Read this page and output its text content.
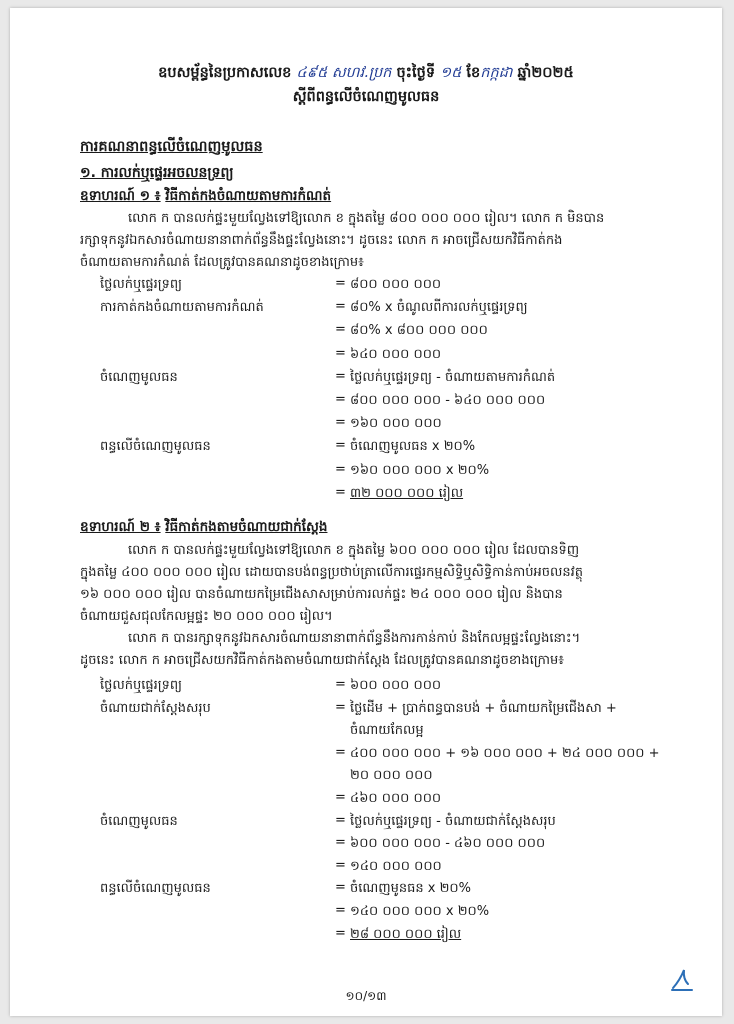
ឧបសម្ព័ន្ធនៃប្រកាសលេខ ៤៩៥ សហវ.ប្រក ចុះថ្ងៃទី ១៥ ខែកក្កដា ឆ្នាំ២០២៥
ស្តីពីពន្ធលើចំណេញមូលធន
ការគណនាពន្ធលើចំណេញមូលធន
១. ការលក់ឬផ្ទេរអចលនទ្រព្យ
ឧទាហរណ៍ ១ ៖ វិធីកាត់កងចំណាយតាមការកំណត់
លោក ក បានលក់ផ្ទះមួយល្វែងទៅឱ្យលោក ខ ក្នុងតម្លៃ ៨០០ ០០០ ០០០ រៀល។ លោក ក មិនបាន
រក្សាទុកនូវឯកសារចំណាយនានាពាក់ព័ន្ធនឹងផ្ទះល្វែងនោះ។ ដូចនេះ លោក ក អាចជ្រើសយកវិធីកាត់កង
ចំណាយតាមការកំណត់ ដែលត្រូវបានគណនាដូចខាងក្រោម៖
ថ្លៃលក់ឬផ្ទេរទ្រព្យ	= ៨០០ ០០០ ០០០
ការកាត់កងចំណាយតាមការកំណត់	= ៨០% x ចំណូលពីការលក់ឬផ្ទេរទ្រព្យ
= ៨០% x ៨០០ ០០០ ០០០
= ៦៤០ ០០០ ០០០
ចំណេញមូលធន	= ថ្លៃលក់ឬផ្ទេរទ្រព្យ - ចំណាយតាមការកំណត់
= ៨០០ ០០០ ០០០ - ៦៤០ ០០០ ០០០
= ១៦០ ០០០ ០០០
ពន្ធលើចំណេញមូលធន	= ចំណេញមូលធន x ២០%
= ១៦០ ០០០ ០០០ x ២០%
= ៣២ ០០០ ០០០ រៀល
ឧទាហរណ៍ ២ ៖ វិធីកាត់កងតាមចំណាយជាក់ស្តែង
លោក ក បានលក់ផ្ទះមួយល្វែងទៅឱ្យលោក ខ ក្នុងតម្លៃ ៦០០ ០០០ ០០០ រៀល ដែលបានទិញ
ក្នុងតម្លៃ ៤០០ ០០០ ០០០ រៀល ដោយបានបង់ពន្ធប្រថាប់ត្រាលើការផ្ទេរកម្មសិទ្ធិឬសិទ្ធិកាន់កាប់អចលនវត្ថុ
១៦ ០០០ ០០០ រៀល បានចំណាយកម្រៃជើងសាសម្រាប់ការលក់ផ្ទះ ២៤ ០០០ ០០០ រៀល និងបាន
ចំណាយជួសជុលកែលម្អផ្ទះ ២០ ០០០ ០០០ រៀល។
លោក ក បានរក្សាទុកនូវឯកសារចំណាយនានាពាក់ព័ន្ធនឹងការកាន់កាប់ និងកែលម្អផ្ទះល្វែងនោះ។
ដូចនេះ លោក ក អាចជ្រើសយកវិធីកាត់កងតាមចំណាយជាក់ស្តែង ដែលត្រូវបានគណនាដូចខាងក្រោម៖
ថ្លៃលក់ឬផ្ទេរទ្រព្យ	= ៦០០ ០០០ ០០០
ចំណាយជាក់ស្តែងសរុប	= ថ្លៃដើម + ប្រាក់ពន្ធបានបង់ + ចំណាយកម្រៃជើងសា +
ចំណាយកែលម្អ
= ៤០០ ០០០ ០០០ + ១៦ ០០០ ០០០ + ២៤ ០០០ ០០០ +
២០ ០០០ ០០០
= ៤៦០ ០០០ ០០០
ចំណេញមូលធន	= ថ្លៃលក់ឬផ្ទេរទ្រព្យ - ចំណាយជាក់ស្តែងសរុប
= ៦០០ ០០០ ០០០ - ៤៦០ ០០០ ០០០
= ១៤០ ០០០ ០០០
ពន្ធលើចំណេញមូលធន	= ចំណេញមូនធន x ២០%
= ១៤០ ០០០ ០០០ x ២០%
= ២៨ ០០០ ០០០ រៀល
១០/១៣
